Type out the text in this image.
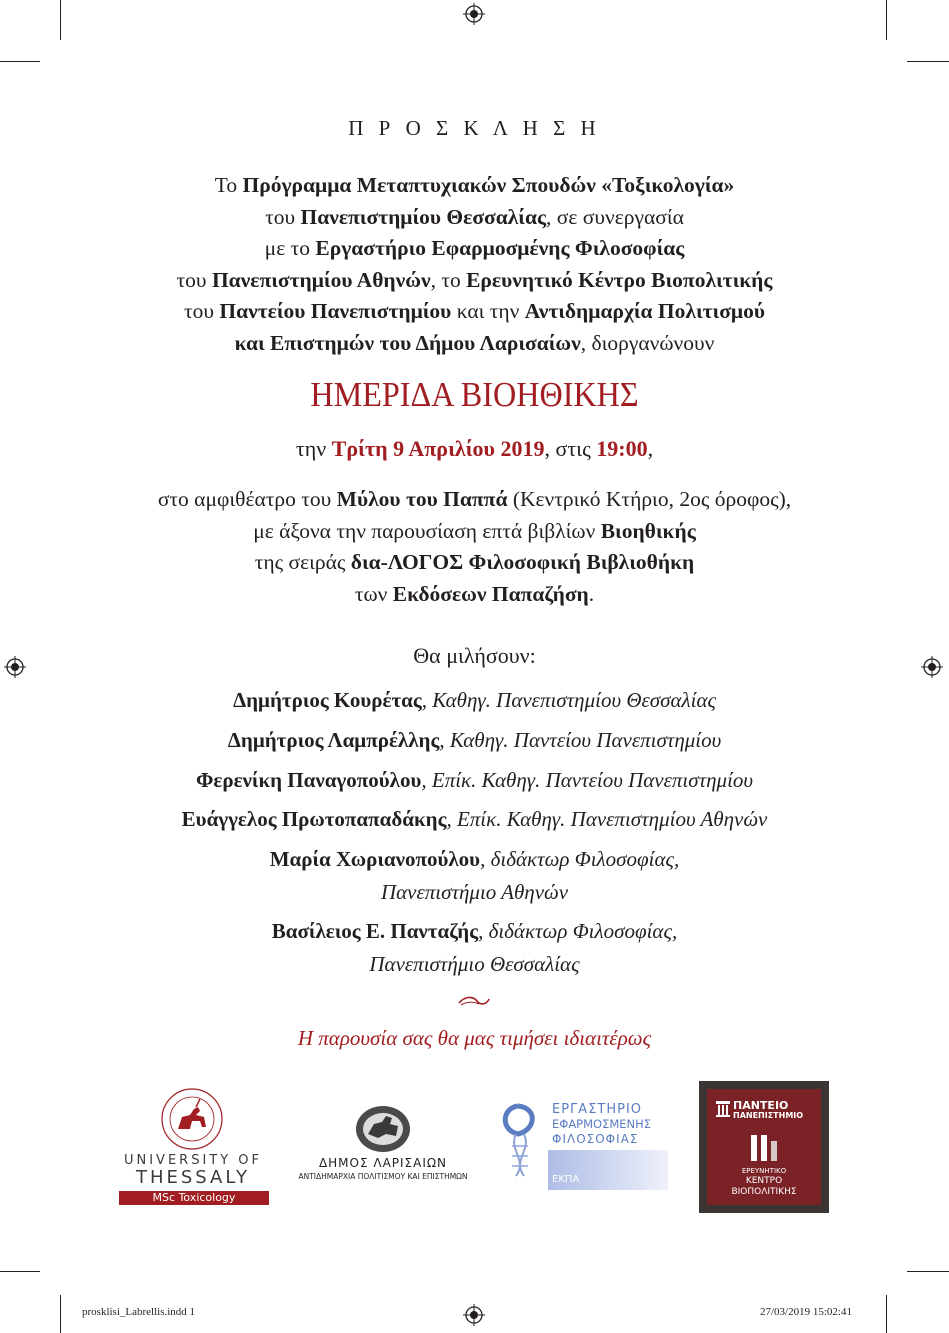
Π Ρ Ο Σ Κ Λ Η Σ Η
Το Πρόγραμμα Μεταπτυχιακών Σπουδών «Τοξικολογία»
του Πανεπιστημίου Θεσσαλίας, σε συνεργασία
με το Εργαστήριο Εφαρμοσμένης Φιλοσοφίας
του Πανεπιστημίου Αθηνών, το Ερευνητικό Κέντρο Βιοπολιτικής
του Παντείου Πανεπιστημίου και την Αντιδημαρχία Πολιτισμού
και Επιστημών του Δήμου Λαρισαίων, διοργανώνουν
ΗΜΕΡΙΔΑ ΒΙΟΗΘΙΚΗΣ
την Τρίτη 9 Απριλίου 2019, στις 19:00,
στο αμφιθέατρο του Μύλου του Παππά (Κεντρικό Κτήριο, 2ος όροφος),
με άξονα την παρουσίαση επτά βιβλίων Βιοηθικής
της σειράς δια-ΛΟΓΟΣ Φιλοσοφική Βιβλιοθήκη
των Εκδόσεων Παπαζήση.
Θα μιλήσουν:
Δημήτριος Κουρέτας, Καθηγ. Πανεπιστημίου Θεσσαλίας
Δημήτριος Λαμπρέλλης, Καθηγ. Παντείου Πανεπιστημίου
Φερενίκη Παναγοπούλου, Επίκ. Καθηγ. Παντείου Πανεπιστημίου
Ευάγγελος Πρωτοπαπαδάκης, Επίκ. Καθηγ. Πανεπιστημίου Αθηνών
Μαρία Χωριανοπούλου, διδάκτωρ Φιλοσοφίας,
Πανεπιστήμιο Αθηνών
Βασίλειος Ε. Πανταζής, διδάκτωρ Φιλοσοφίας,
Πανεπιστήμιο Θεσσαλίας
Η παρουσία σας θα μας τιμήσει ιδιαιτέρως
UNIVERSITY OF
THESSALY
MSc Toxicology
ΔΗΜΟΣ ΛΑΡΙΣΑΙΩΝ
ΑΝΤΙΔΗΜΑΡΧΙΑ ΠΟΛΙΤΙΣΜΟΥ ΚΑΙ ΕΠΙΣΤΗΜΩΝ
ΕΡΓΑΣΤΗΡΙΟ
ΕΦΑΡΜΟΣΜΕΝΗΣ
ΦΙΛΟΣΟΦΙΑΣ
ΕΚΠΑ
ΠΑΝΤΕΙΟ
ΠΑΝΕΠΙΣΤΗΜΙΟ
ΕΡΕΥΝΗΤΙΚΟ
ΚΕΝΤΡΟ
ΒΙΟΠΟΛΙΤΙΚΗΣ
prosklisi_Labrellis.indd 1	27/03/2019 15:02:41
